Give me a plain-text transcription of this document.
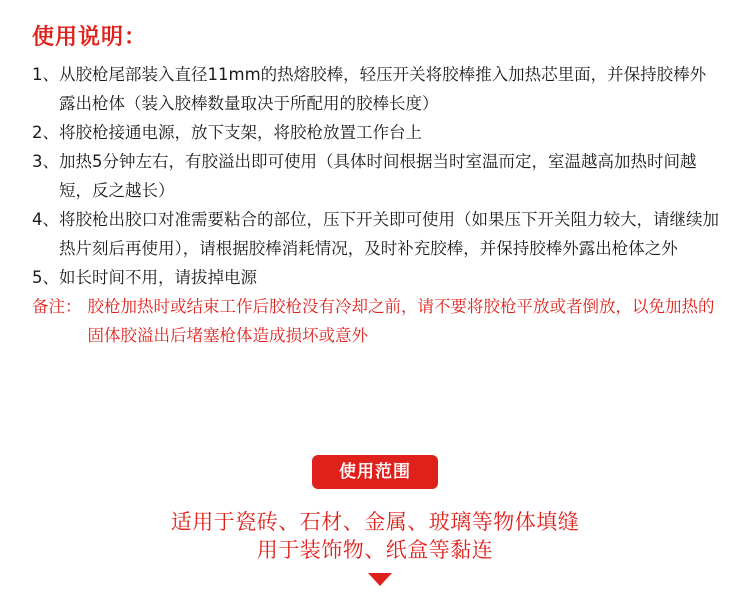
使用说明：
1、 从胶枪尾部装入直径11mm的热熔胶棒，轻压开关将胶棒推入加热芯里面，并保持胶棒外露出枪体（装入胶棒数量取决于所配用的胶棒长度）
2、 将胶枪接通电源，放下支架，将胶枪放置工作台上
3、 加热5分钟左右，有胶溢出即可使用（具体时间根据当时室温而定，室温越高加热时间越短，反之越长）
4、 将胶枪出胶口对准需要粘合的部位，压下开关即可使用（如果压下开关阻力较大，请继续加热片刻后再使用），请根据胶棒消耗情况，及时补充胶棒，并保持胶棒外露出枪体之外
5、 如长时间不用，请拔掉电源
备注： 胶枪加热时或结束工作后胶枪没有冷却之前，请不要将胶枪平放或者倒放，以免加热的固体胶溢出后堵塞枪体造成损坏或意外
使用范围
适用于瓷砖、石材、金属、玻璃等物体填缝
用于装饰物、纸盒等黏连
